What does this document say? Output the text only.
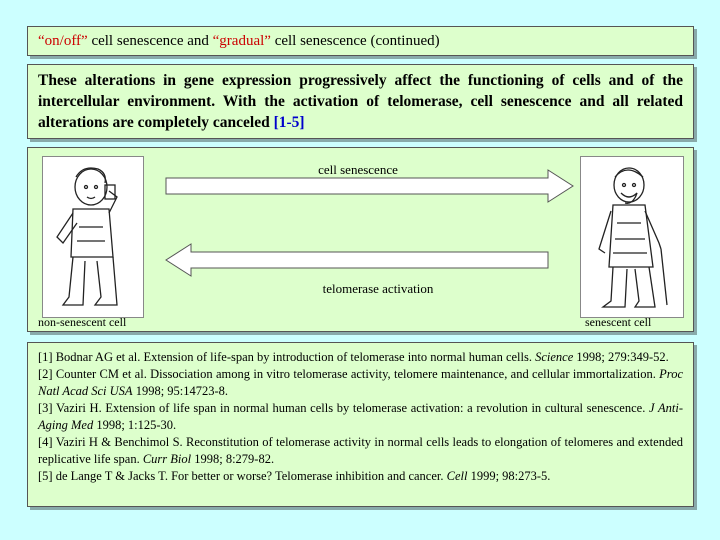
“on/off” cell senescence and “gradual” cell senescence (continued)
These alterations in gene expression progressively affect the functioning of cells and of the intercellular environment. With the activation of telomerase, cell senescence and all related alterations are completely canceled [1-5]
cell senescence
telomerase activation
non-senescent cell	senescent cell
[1] Bodnar AG et al. Extension of life-span by introduction of telomerase into normal human cells. Science 1998; 279:349-52.
[2] Counter CM et al. Dissociation among in vitro telomerase activity, telomere maintenance, and cellular immortalization. Proc Natl Acad Sci USA 1998; 95:14723-8.
[3] Vaziri H. Extension of life span in normal human cells by telomerase activation: a revolution in cultural senescence. J Anti-Aging Med 1998; 1:125-30.
[4] Vaziri H & Benchimol S. Reconstitution of telomerase activity in normal cells leads to elongation of telomeres and extended replicative life span. Curr Biol 1998; 8:279-82.
[5] de Lange T & Jacks T. For better or worse? Telomerase inhibition and cancer. Cell 1999; 98:273-5.
